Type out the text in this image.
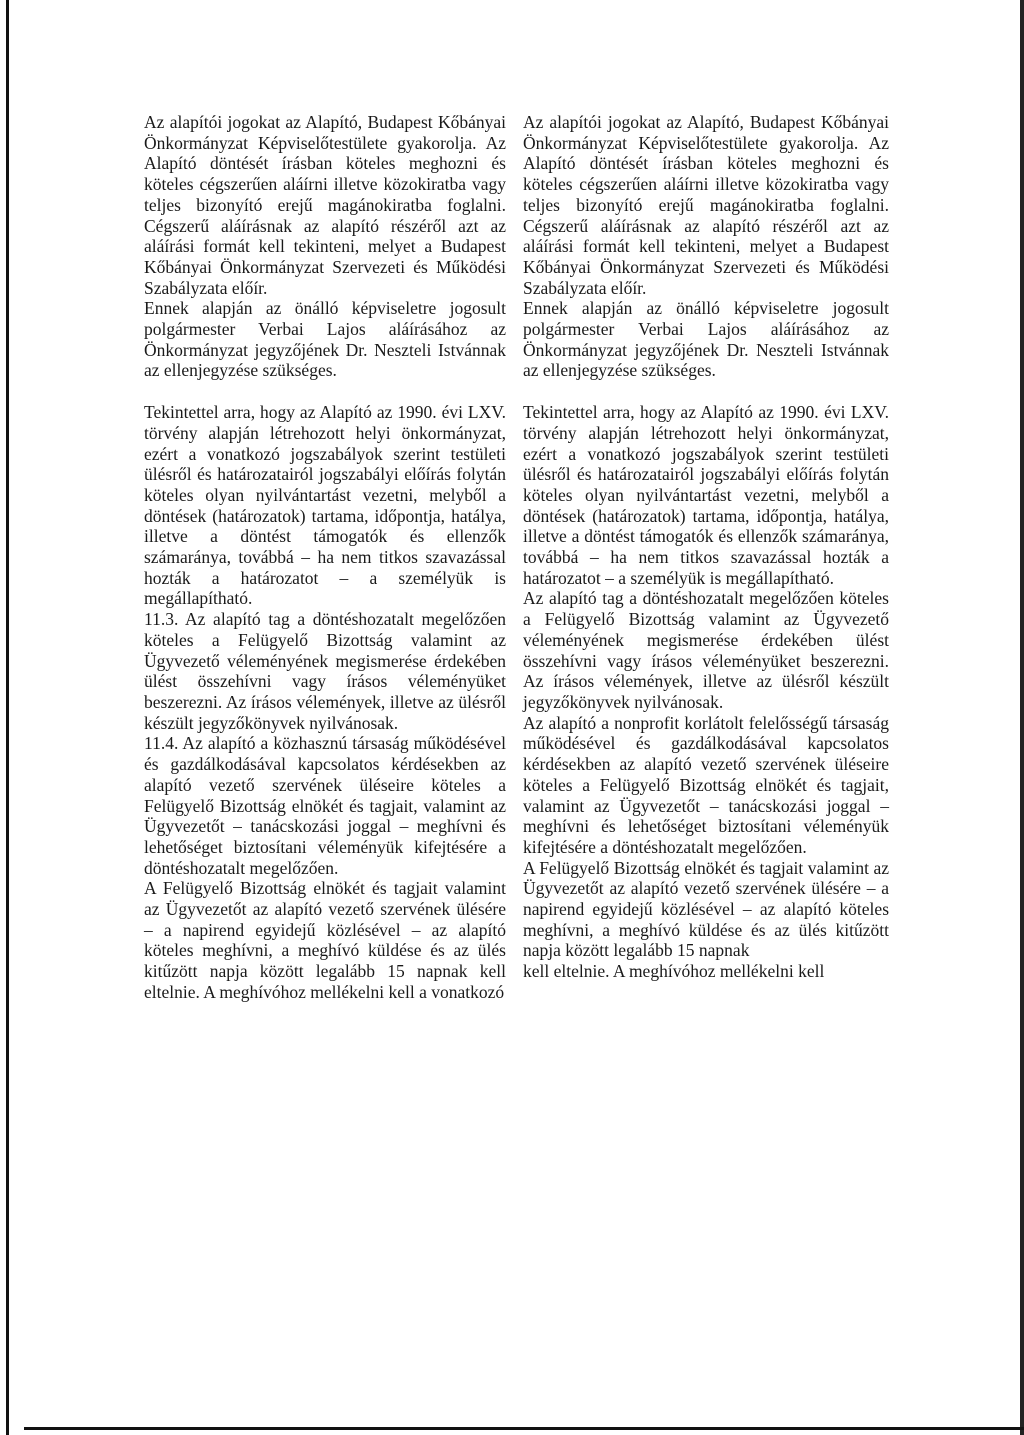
Az alapítói jogokat az Alapító, Budapest Kőbányai Önkormányzat Képviselőtestülete gyakorolja. Az Alapító döntését írásban köteles meghozni és köteles cégszerűen aláírni illetve közokiratba vagy teljes bizonyító erejű magánokiratba foglalni. Cégszerű aláírásnak az alapító részéről azt az aláírási formát kell tekinteni, melyet a Budapest Kőbányai Önkormányzat Szervezeti és Működési Szabályzata előír.

Ennek alapján az önálló képviseletre jogosult polgármester Verbai Lajos aláírásához az Önkormányzat jegyzőjének Dr. Neszteli Istvánnak az ellenjegyzése szükséges.

Tekintettel arra, hogy az Alapító az 1990. évi LXV. törvény alapján létrehozott helyi önkormányzat, ezért a vonatkozó jogszabályok szerint testületi ülésről és határozatairól jogszabályi előírás folytán köteles olyan nyilvántartást vezetni, melyből a döntések (határozatok) tartama, időpontja, hatálya, illetve a döntést támogatók és ellenzők számaránya, továbbá – ha nem titkos szavazással hozták a határozatot – a személyük is megállapítható.

11.3. Az alapító tag a döntéshozatalt megelőzően köteles a Felügyelő Bizottság valamint az Ügyvezető véleményének megismerése érdekében ülést összehívni vagy írásos véleményüket beszerezni. Az írásos vélemények, illetve az ülésről készült jegyzőkönyvek nyilvánosak.

11.4. Az alapító a közhasznú társaság működésével és gazdálkodásával kapcsolatos kérdésekben az alapító vezető szervének üléseire köteles a Felügyelő Bizottság elnökét és tagjait, valamint az Ügyvezetőt – tanácskozási joggal – meghívni és lehetőséget biztosítani véleményük kifejtésére a döntéshozatalt megelőzően.

A Felügyelő Bizottság elnökét és tagjait valamint az Ügyvezetőt az alapító vezető szervének ülésére – a napirend egyidejű közlésével – az alapító köteles meghívni, a meghívó küldése és az ülés kitűzött napja között legalább 15 napnak kell eltelnie. A meghívóhoz mellékelni kell a vonatkozó

Az alapítói jogokat az Alapító, Budapest Kőbányai Önkormányzat Képviselőtestülete gyakorolja. Az Alapító döntését írásban köteles meghozni és köteles cégszerűen aláírni illetve közokiratba vagy teljes bizonyító erejű magánokiratba foglalni. Cégszerű aláírásnak az alapító részéről azt az aláírási formát kell tekinteni, melyet a Budapest Kőbányai Önkormányzat Szervezeti és Működési Szabályzata előír.

Ennek alapján az önálló képviseletre jogosult polgármester Verbai Lajos aláírásához az Önkormányzat jegyzőjének Dr. Neszteli Istvánnak az ellenjegyzése szükséges.

Tekintettel arra, hogy az Alapító az 1990. évi LXV. törvény alapján létrehozott helyi önkormányzat, ezért a vonatkozó jogszabályok szerint testületi ülésről és határozatairól jogszabályi előírás folytán köteles olyan nyilvántartást vezetni, melyből a döntések (határozatok) tartama, időpontja, hatálya, illetve a döntést támogatók és ellenzők számaránya, továbbá – ha nem titkos szavazással hozták a határozatot – a személyük is megállapítható.

Az alapító tag a döntéshozatalt megelőzően köteles a Felügyelő Bizottság valamint az Ügyvezető véleményének megismerése érdekében ülést összehívni vagy írásos véleményüket beszerezni. Az írásos vélemények, illetve az ülésről készült jegyzőkönyvek nyilvánosak.

Az alapító a nonprofit korlátolt felelősségű társaság működésével és gazdálkodásával kapcsolatos kérdésekben az alapító vezető szervének üléseire köteles a Felügyelő Bizottság elnökét és tagjait, valamint az Ügyvezetőt – tanácskozási joggal – meghívni és lehetőséget biztosítani véleményük kifejtésére a döntéshozatalt megelőzően.

A Felügyelő Bizottság elnökét és tagjait valamint az Ügyvezetőt az alapító vezető szervének ülésére – a napirend egyidejű közlésével – az alapító köteles meghívni, a meghívó küldése és az ülés kitűzött napja között legalább 15 napnak

kell eltelnie. A meghívóhoz mellékelni kell
